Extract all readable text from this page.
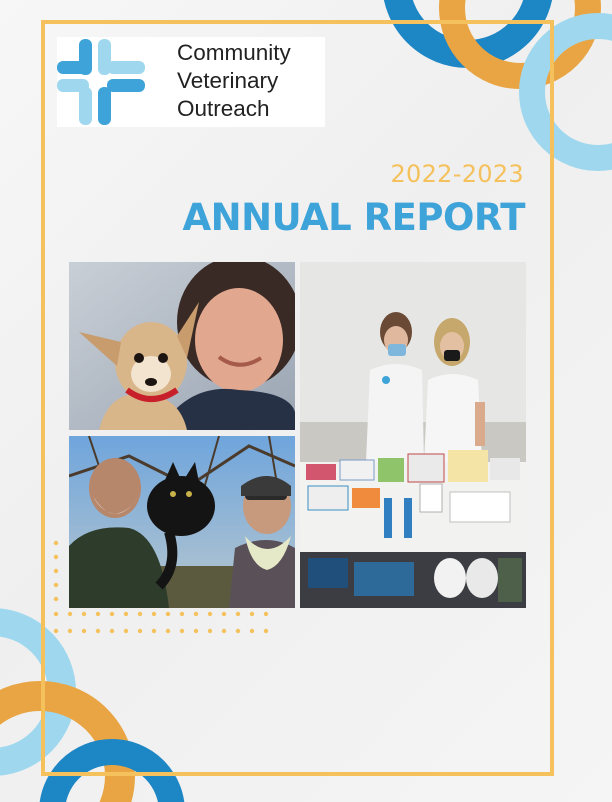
Community
Veterinary
Outreach
2022-2023
ANNUAL REPORT
